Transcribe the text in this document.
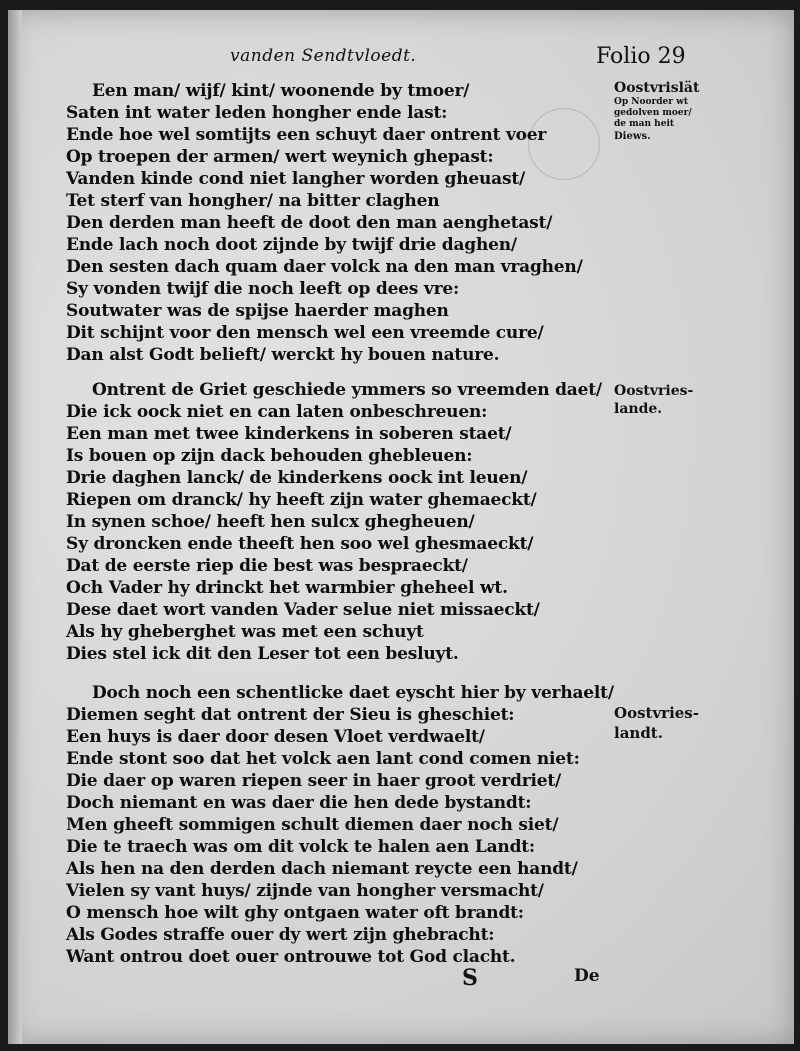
vanden Sendtvloedt.	Folio 29
Een man/ wijf/ kint/ woonende by tmoer/
Saten int water leden hongher ende last:
Ende hoe wel somtijts een schuyt daer ontrent voer
Op troepen der armen/ wert weynich ghepast:
Vanden kinde cond niet langher worden gheuast/
Tet sterf van hongher/ na bitter claghen
Den derden man heeft de doot den man aenghetast/
Ende lach noch doot zijnde by twijf drie daghen/
Den sesten dach quam daer volck na den man vraghen/
Sy vonden twijf die noch leeft op dees vre:
Soutwater was de spijse haerder maghen
Dit schijnt voor den mensch wel een vreemde cure/
Dan alst Godt belieft/ werckt hy bouen nature.
Ontrent de Griet geschiede ymmers so vreemden daet/
Die ick oock niet en can laten onbeschreuen:
Een man met twee kinderkens in soberen staet/
Is bouen op zijn dack behouden ghebleuen:
Drie daghen lanck/ de kinderkens oock int leuen/
Riepen om dranck/ hy heeft zijn water ghemaeckt/
In synen schoe/ heeft hen sulcx ghegheuen/
Sy droncken ende theeft hen soo wel ghesmaeckt/
Dat de eerste riep die best was bespraeckt/
Och Vader hy drinckt het warmbier gheheel wt.
Dese daet wort vanden Vader selue niet missaeckt/
Als hy gheberghet was met een schuyt
Dies stel ick dit den Leser tot een besluyt.
Doch noch een schentlicke daet eyscht hier by verhaelt/
Diemen seght dat ontrent der Sieu is gheschiet:
Een huys is daer door desen Vloet verdwaelt/
Ende stont soo dat het volck aen lant cond comen niet:
Die daer op waren riepen seer in haer groot verdriet/
Doch niemant en was daer die hen dede bystandt:
Men gheeft sommigen schult diemen daer noch siet/
Die te traech was om dit volck te halen aen Landt:
Als hen na den derden dach niemant reycte een handt/
Vielen sy vant huys/ zijnde van hongher versmacht/
O mensch hoe wilt ghy ontgaen water oft brandt:
Als Godes straffe ouer dy wert zijn ghebracht:
Want ontrou doet ouer ontrouwe tot God clacht.
Oostvrislät
Op Noorder wt
gedolven moer/
de man heit
Diews.
Oostvries-
lande.
Oostvries-
landt.
S	De
